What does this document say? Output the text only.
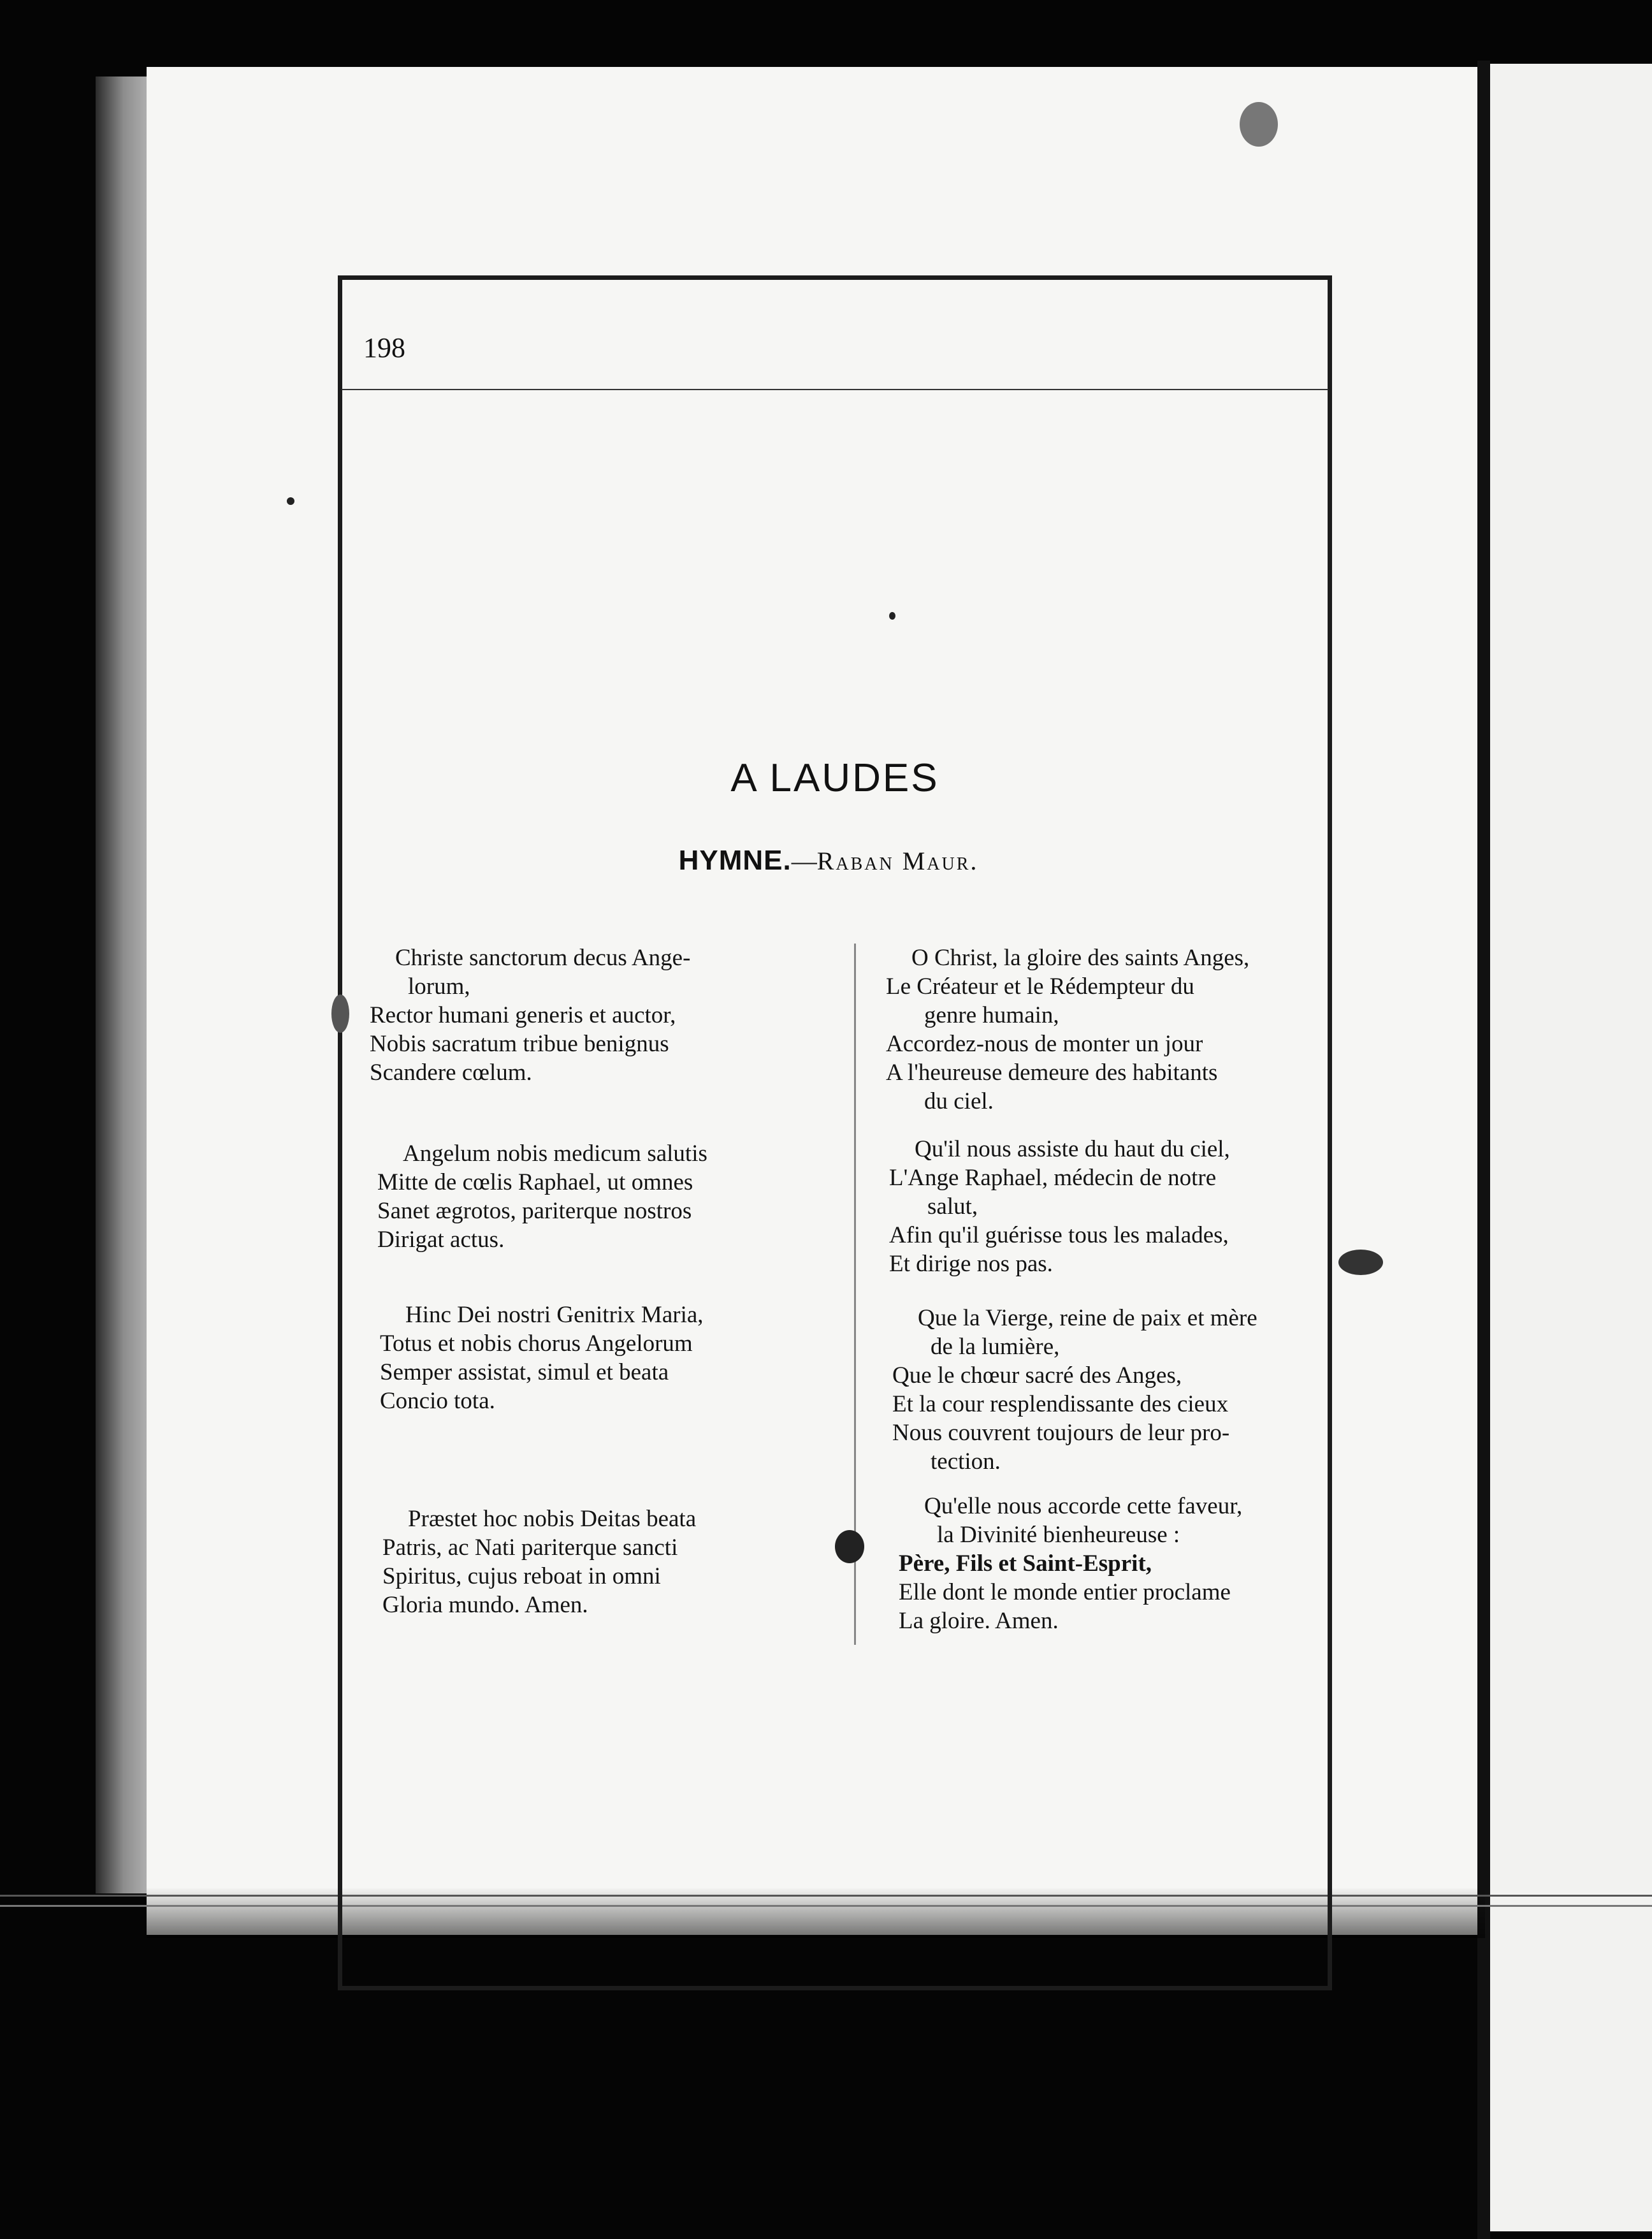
198
A LAUDES
HYMNE.—Raban Maur.
Christe sanctorum decus Ange-
lorum,
Rector humani generis et auctor,
Nobis sacratum tribue benignus
Scandere cœlum.
Angelum nobis medicum salutis
Mitte de cœlis Raphael, ut omnes
Sanet ægrotos, pariterque nostros
Dirigat actus.
Hinc Dei nostri Genitrix Maria,
Totus et nobis chorus Angelorum
Semper assistat, simul et beata
Concio tota.
Præstet hoc nobis Deitas beata
Patris, ac Nati pariterque sancti
Spiritus, cujus reboat in omni
Gloria mundo. Amen.
O Christ, la gloire des saints Anges,
Le Créateur et le Rédempteur du
genre humain,
Accordez-nous de monter un jour
A l'heureuse demeure des habitants
du ciel.
Qu'il nous assiste du haut du ciel,
L'Ange Raphael, médecin de notre
salut,
Afin qu'il guérisse tous les malades,
Et dirige nos pas.
Que la Vierge, reine de paix et mère
de la lumière,
Que le chœur sacré des Anges,
Et la cour resplendissante des cieux
Nous couvrent toujours de leur pro-
tection.
Qu'elle nous accorde cette faveur,
la Divinité bienheureuse :
Père, Fils et Saint-Esprit,
Elle dont le monde entier proclame
La gloire. Amen.
